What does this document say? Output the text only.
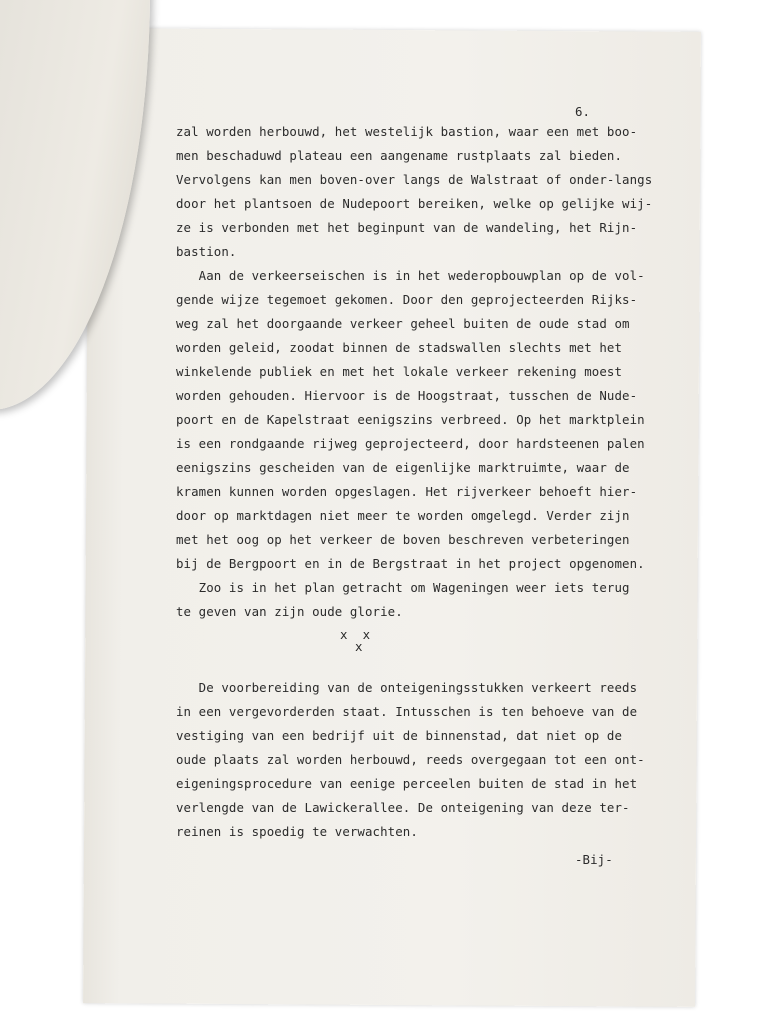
6.
zal worden herbouwd, het westelijk bastion, waar een met boo-
men beschaduwd plateau een aangename rustplaats zal bieden.
Vervolgens kan men boven-over langs de Walstraat of onder-langs
door het plantsoen de Nudepoort bereiken, welke op gelijke wij-
ze is verbonden met het beginpunt van de wandeling, het Rijn-
bastion.
Aan de verkeerseischen is in het wederopbouwplan op de vol-
gende wijze tegemoet gekomen. Door den geprojecteerden Rijks-
weg zal het doorgaande verkeer geheel buiten de oude stad om
worden geleid, zoodat binnen de stadswallen slechts met het
winkelende publiek en met het lokale verkeer rekening moest
worden gehouden. Hiervoor is de Hoogstraat, tusschen de Nude-
poort en de Kapelstraat eenigszins verbreed. Op het marktplein
is een rondgaande rijweg geprojecteerd, door hardsteenen palen
eenigszins gescheiden van de eigenlijke marktruimte, waar de
kramen kunnen worden opgeslagen. Het rijverkeer behoeft hier-
door op marktdagen niet meer te worden omgelegd. Verder zijn
met het oog op het verkeer de boven beschreven verbeteringen
bij de Bergpoort en in de Bergstraat in het project opgenomen.
Zoo is in het plan getracht om Wageningen weer iets terug
te geven van zijn oude glorie.
x  x
x
De voorbereiding van de onteigeningsstukken verkeert reeds
in een vergevorderden staat. Intusschen is ten behoeve van de
vestiging van een bedrijf uit de binnenstad, dat niet op de
oude plaats zal worden herbouwd, reeds overgegaan tot een ont-
eigeningsprocedure van eenige perceelen buiten de stad in het
verlengde van de Lawickerallee. De onteigening van deze ter-
reinen is spoedig te verwachten.
-Bij-
